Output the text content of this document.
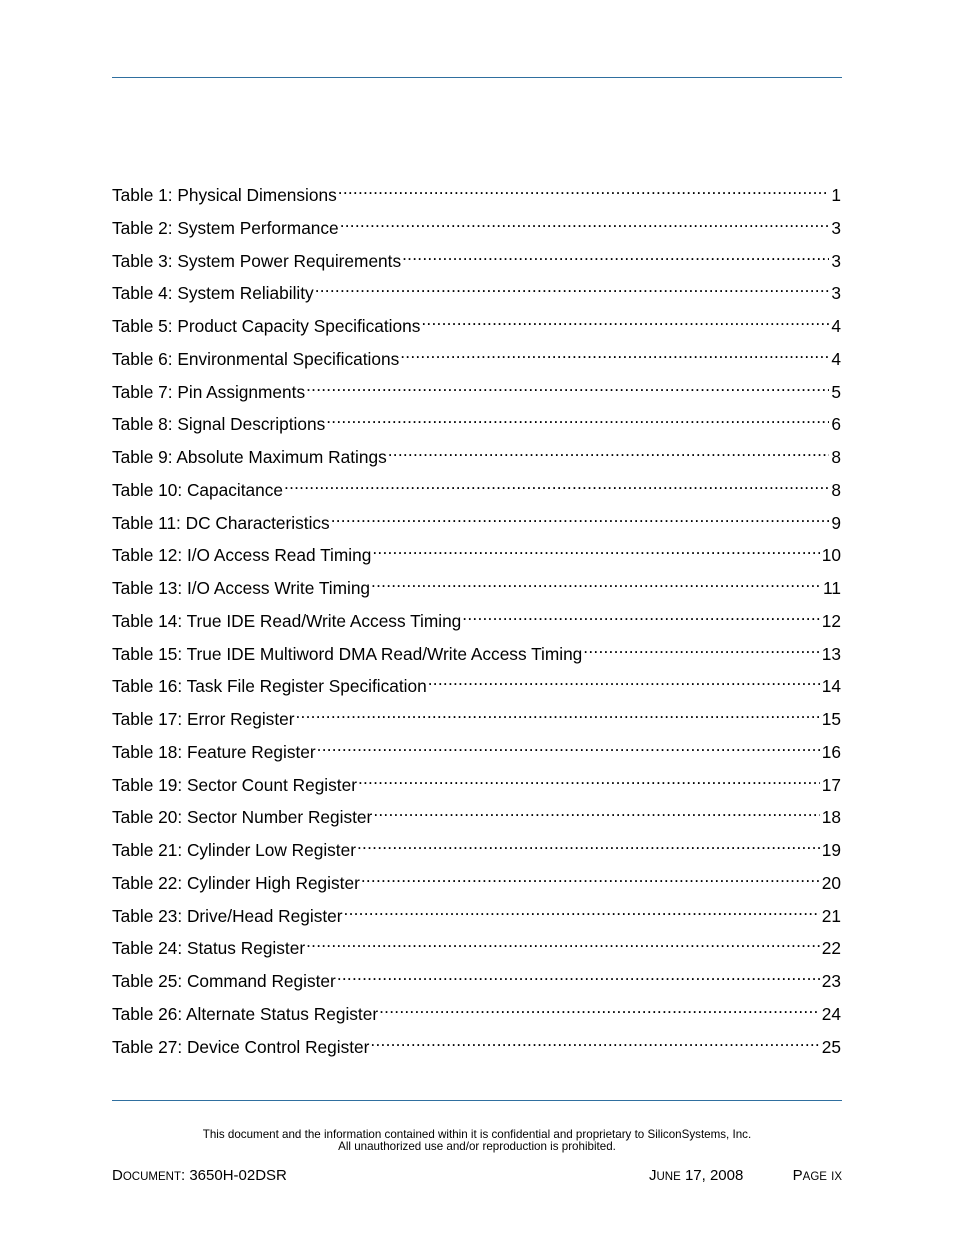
Table 1: Physical Dimensions .....	1
Table 2: System Performance .....	3
Table 3: System Power Requirements .....	3
Table 4: System Reliability .....	3
Table 5: Product Capacity Specifications .....	4
Table 6: Environmental Specifications .....	4
Table 7: Pin Assignments .....	5
Table 8: Signal Descriptions .....	6
Table 9: Absolute Maximum Ratings .....	8
Table 10: Capacitance .....	8
Table 11: DC Characteristics .....	9
Table 12: I/O Access Read Timing .....	10
Table 13: I/O Access Write Timing .....	11
Table 14: True IDE Read/Write Access Timing .....	12
Table 15: True IDE Multiword DMA Read/Write Access Timing .....	13
Table 16: Task File Register Specification .....	14
Table 17: Error Register .....	15
Table 18: Feature Register .....	16
Table 19: Sector Count Register .....	17
Table 20: Sector Number Register .....	18
Table 21: Cylinder Low Register .....	19
Table 22: Cylinder High Register .....	20
Table 23: Drive/Head Register .....	21
Table 24: Status Register .....	22
Table 25: Command Register .....	23
Table 26: Alternate Status Register .....	24
Table 27: Device Control Register .....	25
This document and the information contained within it is confidential and proprietary to SiliconSystems, Inc.
All unauthorized use and/or reproduction is prohibited.
DOCUMENT: 3650H-02DSR	JUNE 17, 2008	PAGE IX
